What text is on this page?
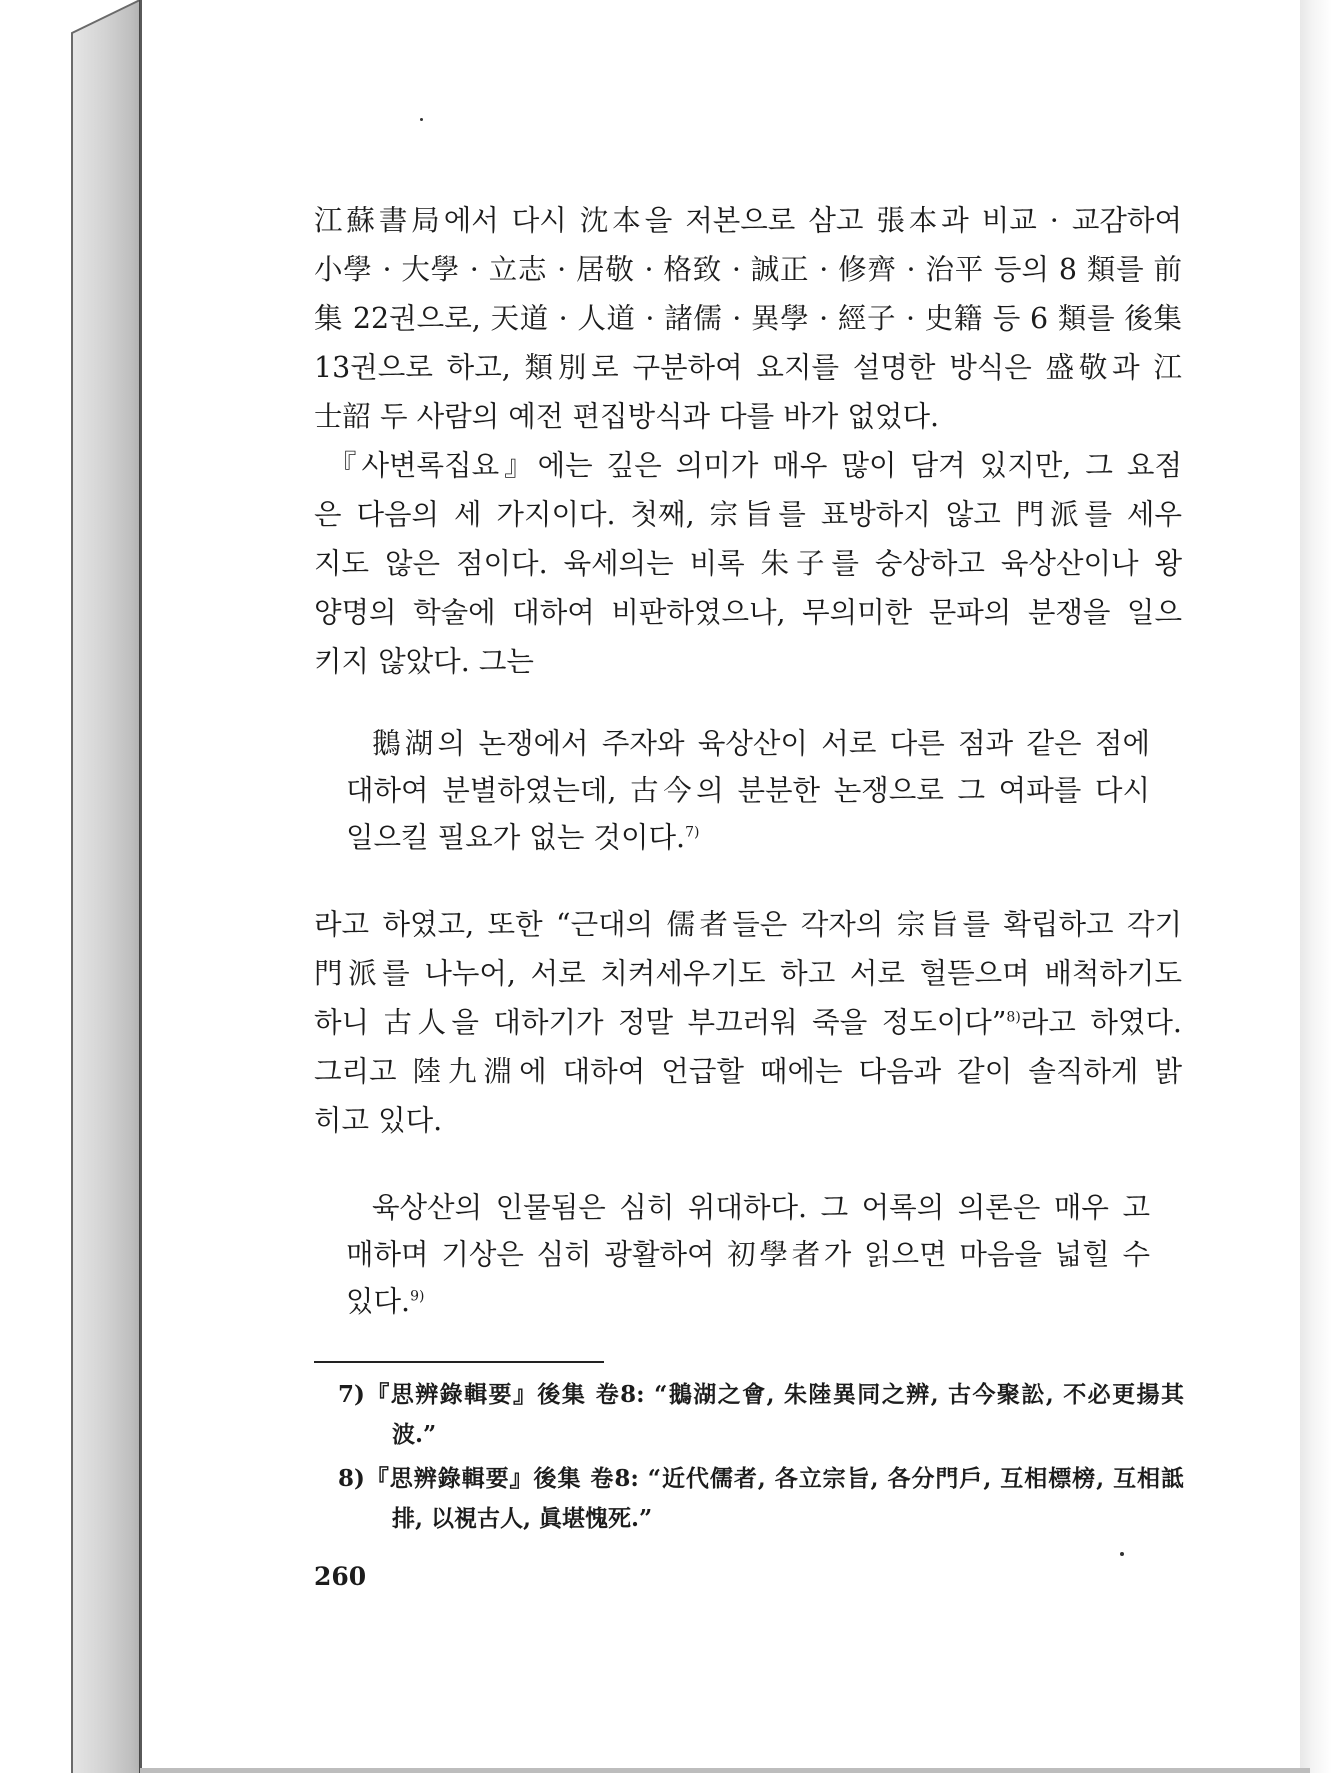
江蘇書局에서 다시 沈本을 저본으로 삼고 張本과 비교 · 교감하여
小學 · 大學 · 立志 · 居敬 · 格致 · 誠正 · 修齊 · 治平 등의 8 類를 前
集 22권으로, 天道 · 人道 · 諸儒 · 異學 · 經子 · 史籍 등 6 類를 後集
13권으로 하고, 類別로 구분하여 요지를 설명한 방식은 盛敬과 江
士韶 두 사람의 예전 편집방식과 다를 바가 없었다.
『사변록집요』에는 깊은 의미가 매우 많이 담겨 있지만, 그 요점
은 다음의 세 가지이다. 첫째, 宗旨를 표방하지 않고 門派를 세우
지도 않은 점이다. 육세의는 비록 朱子를 숭상하고 육상산이나 왕
양명의 학술에 대하여 비판하였으나, 무의미한 문파의 분쟁을 일으
키지 않았다. 그는
鵝湖의 논쟁에서 주자와 육상산이 서로 다른 점과 같은 점에
대하여 분별하였는데, 古今의 분분한 논쟁으로 그 여파를 다시
일으킬 필요가 없는 것이다.$^{7)}$
라고 하였고, 또한 “근대의 儒者들은 각자의 宗旨를 확립하고 각기
門派를 나누어, 서로 치켜세우기도 하고 서로 헐뜯으며 배척하기도
하니 古人을 대하기가 정말 부끄러워 죽을 정도이다”$^{8)}$라고 하였다.
그리고 陸九淵에 대하여 언급할 때에는 다음과 같이 솔직하게 밝
히고 있다.
육상산의 인물됨은 심히 위대하다. 그 어록의 의론은 매우 고
매하며 기상은 심히 광활하여 初學者가 읽으면 마음을 넓힐 수
있다.$^{9)}$
7)『思辨錄輯要』後集 卷8: “鵝湖之會, 朱陸異同之辨, 古今聚訟, 不必更揚其
波.”
8)『思辨錄輯要』後集 卷8: “近代儒者, 各立宗旨, 各分門戶, 互相標榜, 互相詆
排, 以視古人, 眞堪愧死.”
260
